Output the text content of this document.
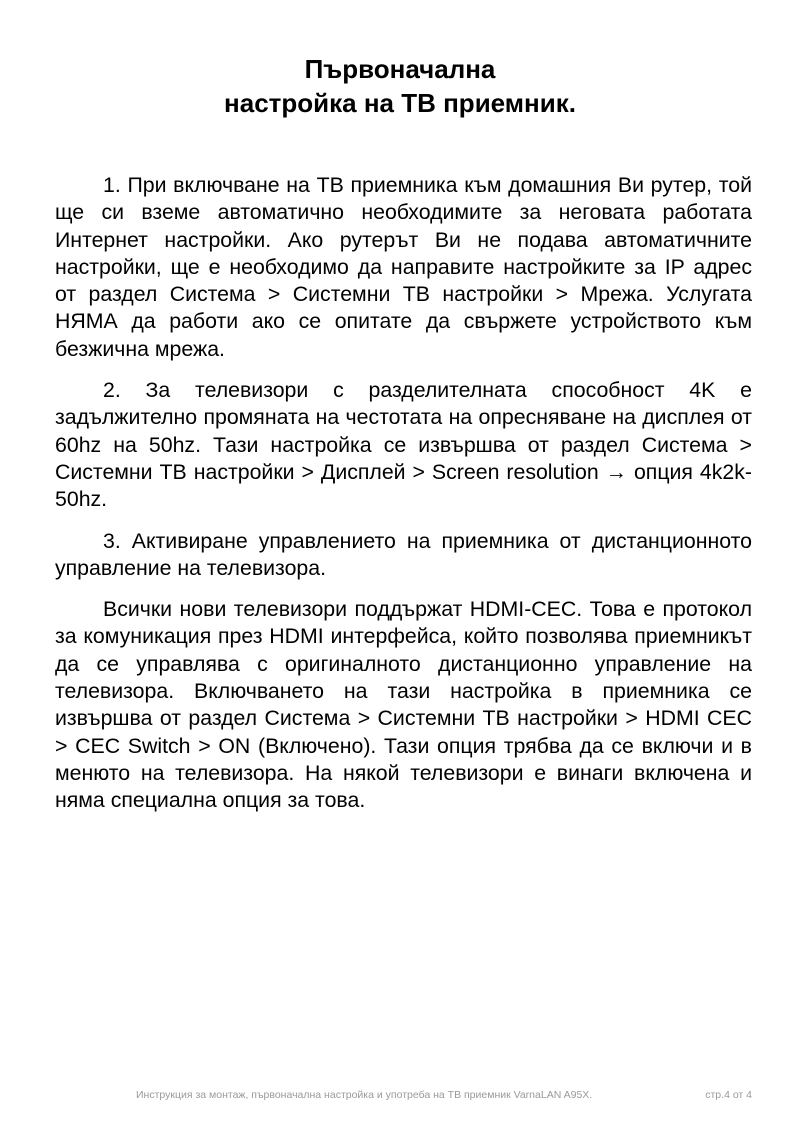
Първоначална
настройка на ТВ приемник.

1. При включване на ТВ приемника към домашния Ви рутер, той ще си вземе автоматично необходимите за неговата работата Интернет настройки. Ако рутерът Ви не подава автоматичните настройки, ще е необходимо да направите настройките за IP адрес от раздел Система > Системни ТВ настройки > Мрежа. Услугата НЯМА да работи ако се опитате да свържете устройството към безжична мрежа.

2. За телевизори с разделителната способност 4K е задължително промяната на честотата на опресняване на дисплея от 60hz на 50hz. Тази настройка се извършва от раздел Система > Системни ТВ настройки > Дисплей > Screen resolution → опция 4k2k-50hz.

3. Активиране управлението на приемника от дистанционното управление на телевизора.

Всички нови телевизори поддържат HDMI-CEC. Това е протокол за комуникация през HDMI интерфейса, който позволява приемникът да се управлява с оригиналното дистанционно управление на телевизора. Включването на тази настройка в приемника се извършва от раздел Система > Системни ТВ настройки > HDMI CEC > CEC Switch > ON (Включено). Тази опция трябва да се включи и в менюто на телевизора. На някой телевизори е винаги включена и няма специална опция за това.

Инструкция за монтаж, първоначална настройка и употреба на ТВ приемник VarnaLAN A95X.	стр.4 от 4
